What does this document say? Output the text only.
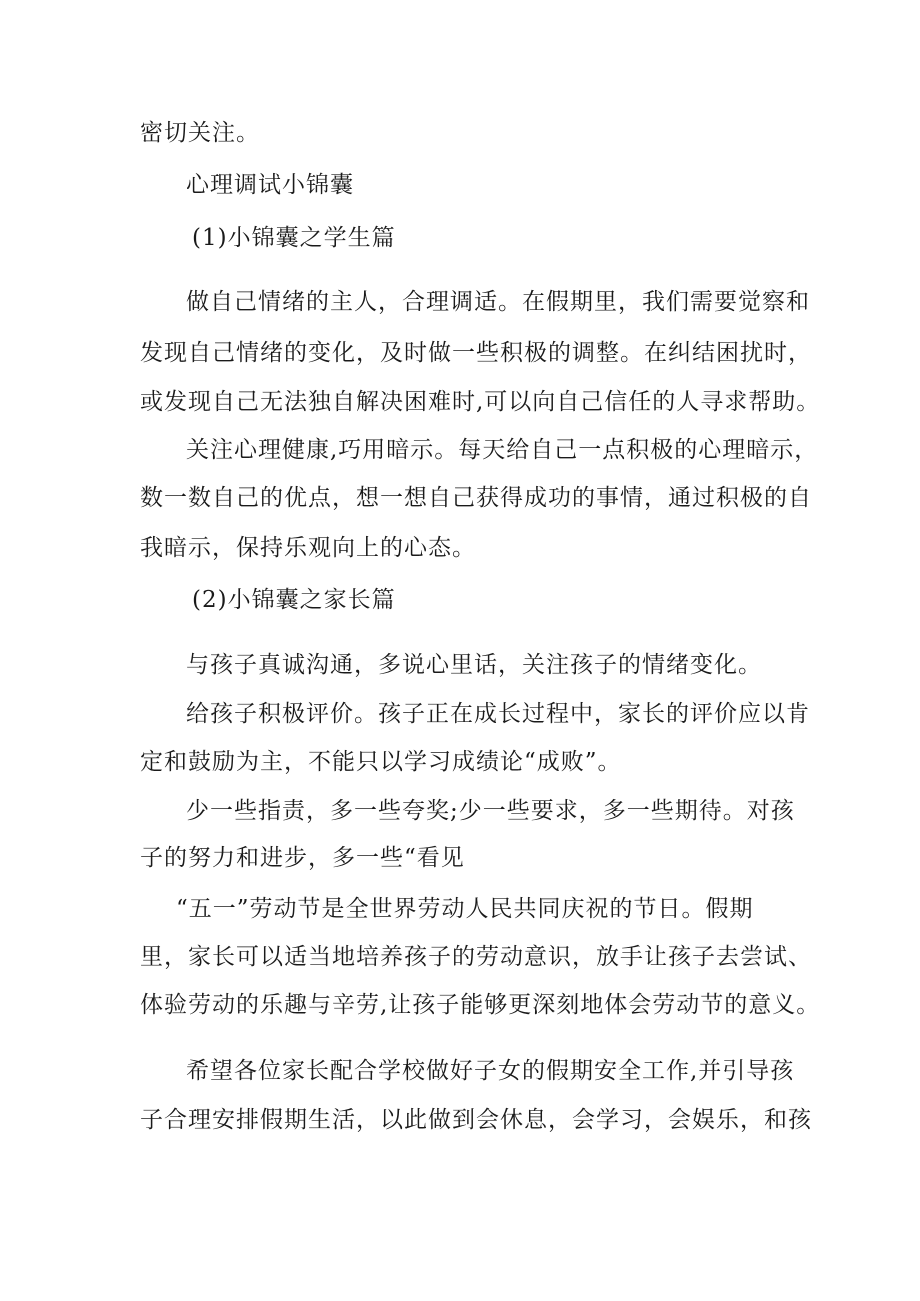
密切关注。
心理调试小锦囊
(1)小锦囊之学生篇
做自己情绪的主人，合理调适。在假期里，我们需要觉察和
发现自己情绪的变化，及时做一些积极的调整。在纠结困扰时，
或发现自己无法独自解决困难时,可以向自己信任的人寻求帮助。
关注心理健康,巧用暗示。每天给自己一点积极的心理暗示，
数一数自己的优点，想一想自己获得成功的事情，通过积极的自
我暗示，保持乐观向上的心态。
(2)小锦囊之家长篇
与孩子真诚沟通，多说心里话，关注孩子的情绪变化。
给孩子积极评价。孩子正在成长过程中，家长的评价应以肯
定和鼓励为主，不能只以学习成绩论“成败”。
少一些指责，多一些夸奖;少一些要求，多一些期待。对孩
子的努力和进步，多一些“看见
“五一”劳动节是全世界劳动人民共同庆祝的节日。假期
里，家长可以适当地培养孩子的劳动意识，放手让孩子去尝试、
体验劳动的乐趣与辛劳,让孩子能够更深刻地体会劳动节的意义。
希望各位家长配合学校做好子女的假期安全工作,并引导孩
子合理安排假期生活，以此做到会休息，会学习，会娱乐，和孩
